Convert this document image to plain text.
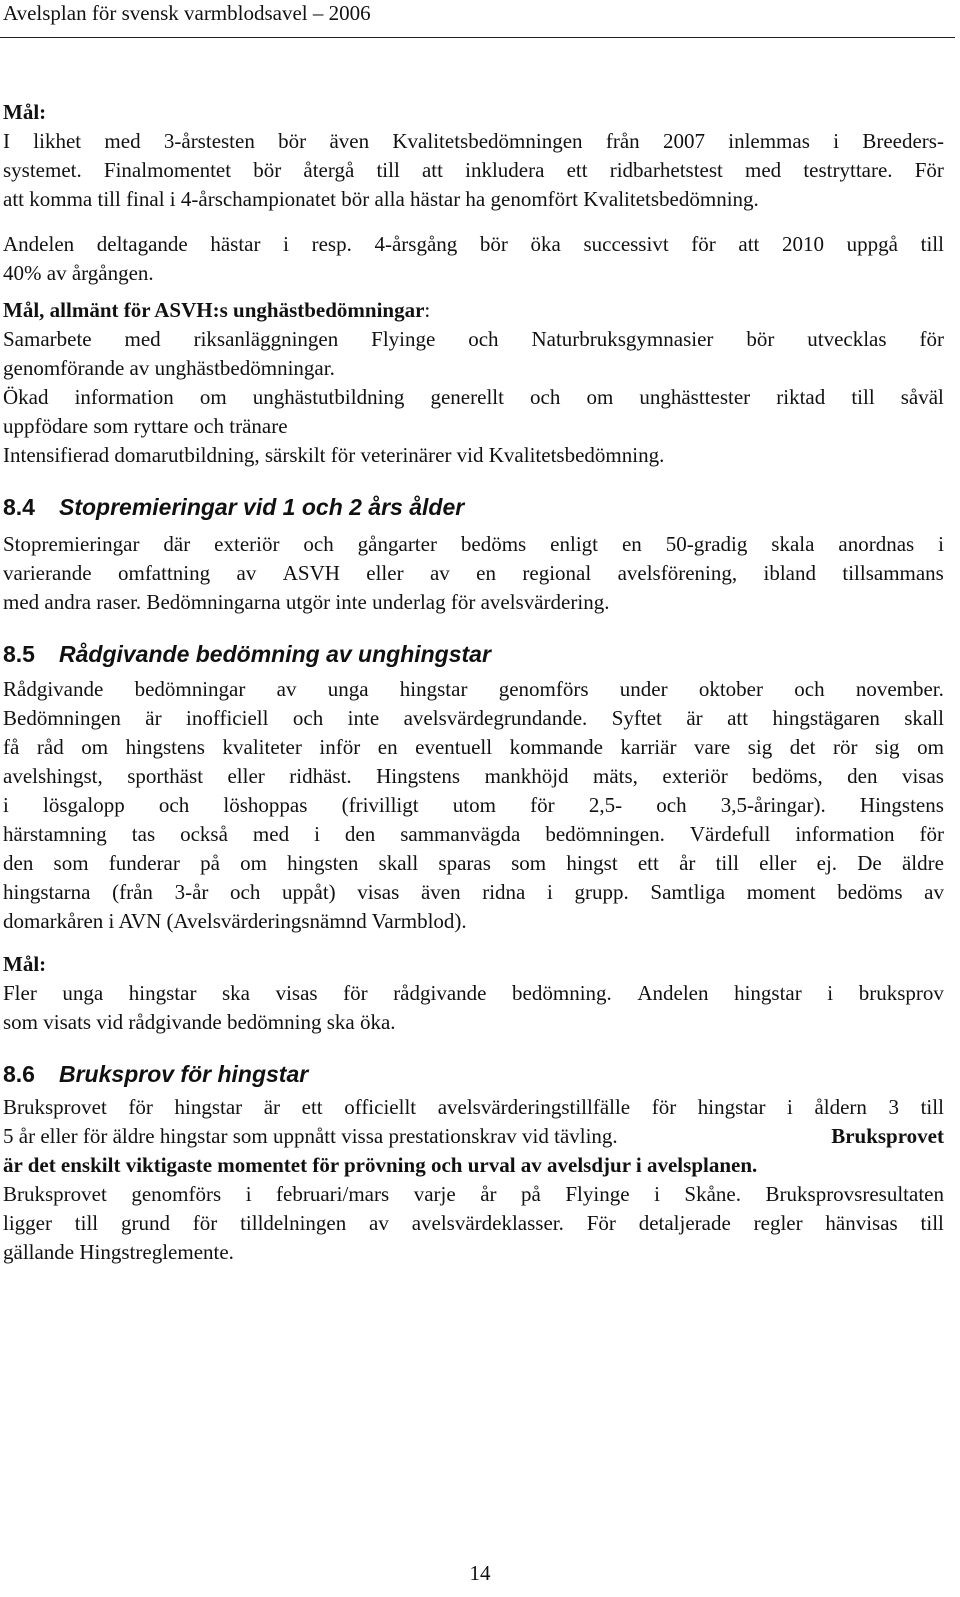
Avelsplan för svensk varmblodsavel – 2006
Mål:
I likhet med 3-årstesten bör även Kvalitetsbedömningen från 2007 inlemmas i Breeders-
systemet. Finalmomentet bör återgå till att inkludera ett ridbarhetstest med testryttare. För
att komma till final i 4-årschampionatet bör alla hästar ha genomfört Kvalitetsbedömning.
Andelen deltagande hästar i resp. 4-årsgång bör öka successivt för att 2010 uppgå till
40% av årgången.
Mål, allmänt för ASVH:s unghästbedömningar:
Samarbete med riksanläggningen Flyinge och Naturbruksgymnasier bör utvecklas för
genomförande av unghästbedömningar.
Ökad information om unghästutbildning generellt och om unghästtester riktad till såväl
uppfödare som ryttare och tränare
Intensifierad domarutbildning, särskilt för veterinärer vid Kvalitetsbedömning.
8.4 Stopremieringar vid 1 och 2 års ålder
Stopremieringar där exteriör och gångarter bedöms enligt en 50-gradig skala anordnas i
varierande omfattning av ASVH eller av en regional avelsförening, ibland tillsammans
med andra raser. Bedömningarna utgör inte underlag för avelsvärdering.
8.5 Rådgivande bedömning av unghingstar
Rådgivande bedömningar av unga hingstar genomförs under oktober och november.
Bedömningen är inofficiell och inte avelsvärdegrundande. Syftet är att hingstägaren skall
få råd om hingstens kvaliteter inför en eventuell kommande karriär vare sig det rör sig om
avelshingst, sporthäst eller ridhäst. Hingstens mankhöjd mäts, exteriör bedöms, den visas
i lösgalopp och löshoppas (frivilligt utom för 2,5- och 3,5-åringar). Hingstens
härstamning tas också med i den sammanvägda bedömningen. Värdefull information för
den som funderar på om hingsten skall sparas som hingst ett år till eller ej. De äldre
hingstarna (från 3-år och uppåt) visas även ridna i grupp. Samtliga moment bedöms av
domarkåren i AVN (Avelsvärderingsnämnd Varmblod).
Mål:
Fler unga hingstar ska visas för rådgivande bedömning. Andelen hingstar i bruksprov
som visats vid rådgivande bedömning ska öka.
8.6 Bruksprov för hingstar
Bruksprovet för hingstar är ett officiellt avelsvärderingstillfälle för hingstar i åldern 3 till
5 år eller för äldre hingstar som uppnått vissa prestationskrav vid tävling.	Bruksprovet
är det enskilt viktigaste momentet för prövning och urval av avelsdjur i avelsplanen.
Bruksprovet genomförs i februari/mars varje år på Flyinge i Skåne. Bruksprovsresultaten
ligger till grund för tilldelningen av avelsvärdeklasser. För detaljerade regler hänvisas till
gällande Hingstreglemente.
14
